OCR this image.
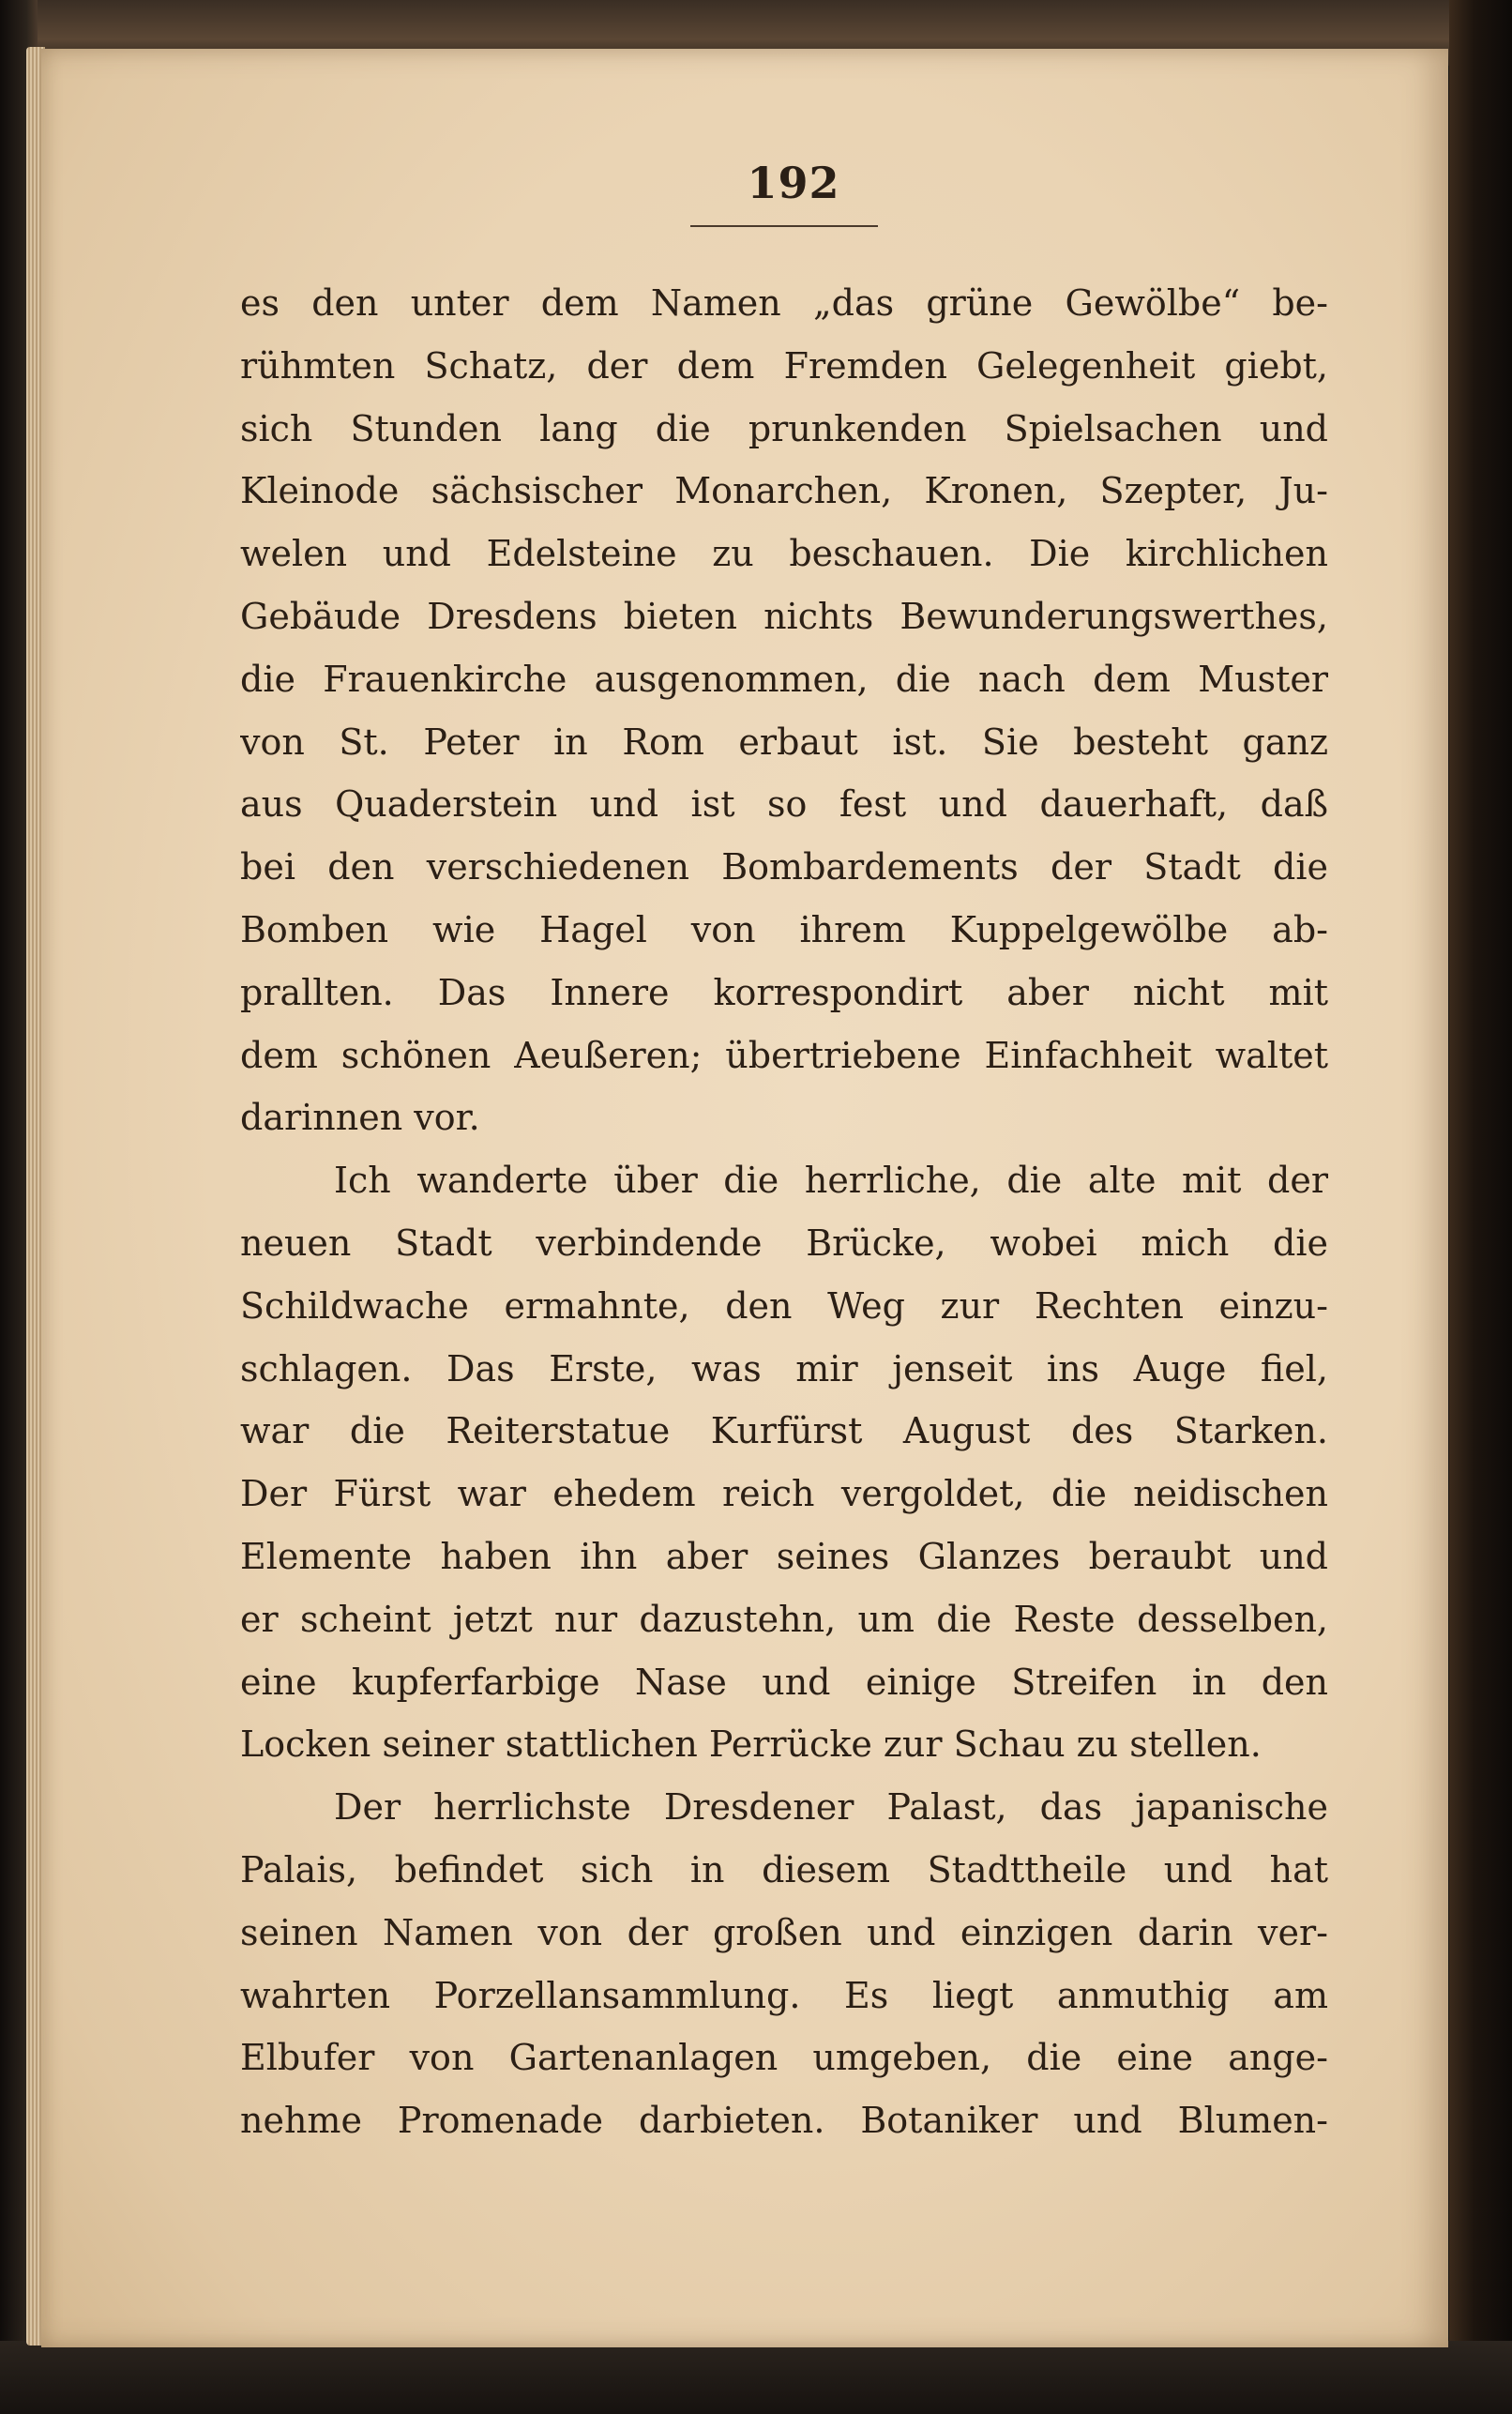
192
es den unter dem Namen „das grüne Gewölbe“ be-
rühmten Schatz, der dem Fremden Gelegenheit giebt,
sich Stunden lang die prunkenden Spielsachen und
Kleinode sächsischer Monarchen, Kronen, Szepter, Ju-
welen und Edelsteine zu beschauen. Die kirchlichen
Gebäude Dresdens bieten nichts Bewunderungswerthes,
die Frauenkirche ausgenommen, die nach dem Muster
von St. Peter in Rom erbaut ist. Sie besteht ganz
aus Quaderstein und ist so fest und dauerhaft, daß
bei den verschiedenen Bombardements der Stadt die
Bomben wie Hagel von ihrem Kuppelgewölbe ab-
prallten. Das Innere korrespondirt aber nicht mit
dem schönen Aeußeren; übertriebene Einfachheit waltet
darinnen vor.
Ich wanderte über die herrliche, die alte mit der
neuen Stadt verbindende Brücke, wobei mich die
Schildwache ermahnte, den Weg zur Rechten einzu-
schlagen. Das Erste, was mir jenseit ins Auge fiel,
war die Reiterstatue Kurfürst August des Starken.
Der Fürst war ehedem reich vergoldet, die neidischen
Elemente haben ihn aber seines Glanzes beraubt und
er scheint jetzt nur dazustehn, um die Reste desselben,
eine kupferfarbige Nase und einige Streifen in den
Locken seiner stattlichen Perrücke zur Schau zu stellen.
Der herrlichste Dresdener Palast, das japanische
Palais, befindet sich in diesem Stadttheile und hat
seinen Namen von der großen und einzigen darin ver-
wahrten Porzellansammlung. Es liegt anmuthig am
Elbufer von Gartenanlagen umgeben, die eine ange-
nehme Promenade darbieten. Botaniker und Blumen-
